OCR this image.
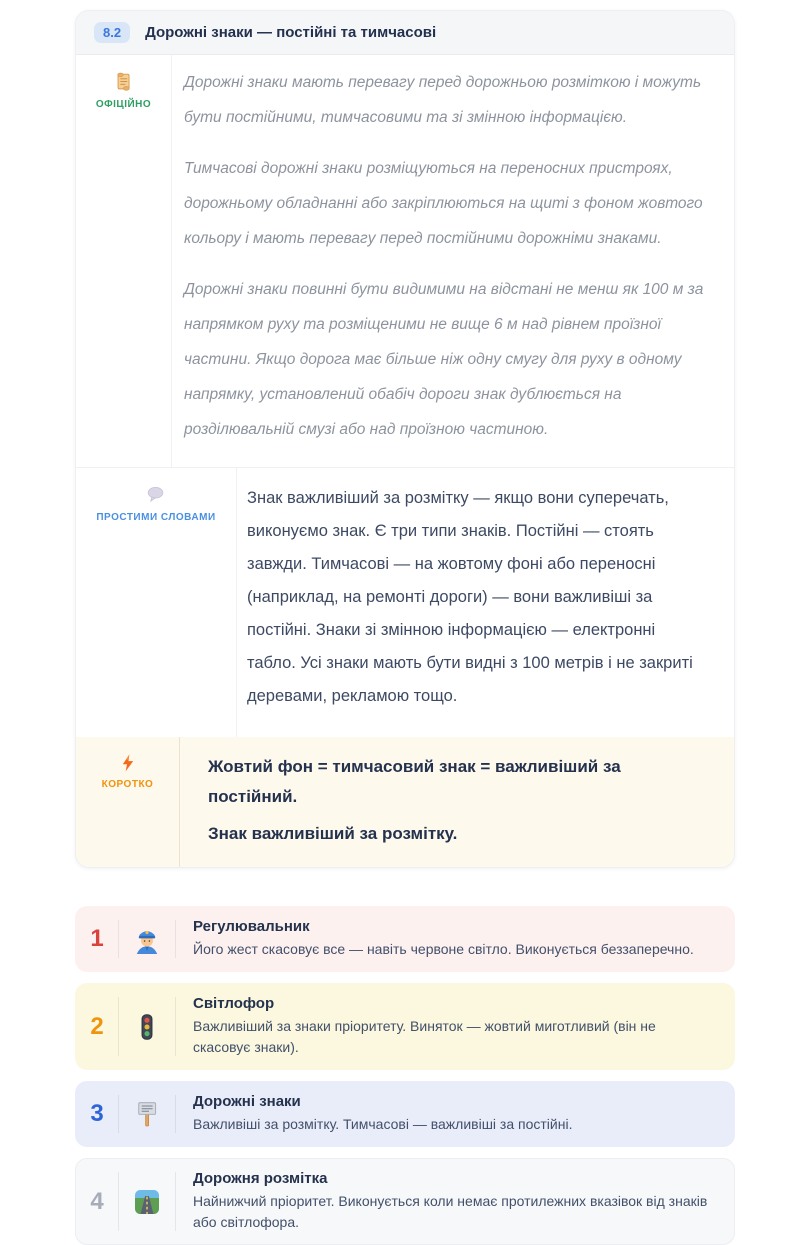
8.2	Дорожні знаки — постійні та тимчасові
ОФІЦІЙНО

Дорожні знаки мають перевагу перед дорожньою розміткою і можуть бути постійними, тимчасовими та зі змінною інформацією.

Тимчасові дорожні знаки розміщуються на переносних пристроях, дорожньому обладнанні або закріплюються на щиті з фоном жовтого кольору і мають перевагу перед постійними дорожніми знаками.

Дорожні знаки повинні бути видимими на відстані не менш як 100 м за напрямком руху та розміщеними не вище 6 м над рівнем проїзної частини. Якщо дорога має більше ніж одну смугу для руху в одному напрямку, установлений обабіч дороги знак дублюється на розділювальній смузі або над проїзною частиною.

ПРОСТИМИ СЛОВАМИ
Знак важливіший за розмітку — якщо вони суперечать, виконуємо знак. Є три типи знаків. Постійні — стоять завжди. Тимчасові — на жовтому фоні або переносні (наприклад, на ремонті дороги) — вони важливіші за постійні. Знаки зі змінною інформацією — електронні табло. Усі знаки мають бути видні з 100 метрів і не закриті деревами, рекламою тощо.
КОРОТКО

Жовтий фон = тимчасовий знак = важливіший за постійний.

Знак важливіший за розмітку.

1	Регулювальник
Його жест скасовує все — навіть червоне світло. Виконується беззаперечно.
2
Світлофор
Важливіший за знаки пріоритету. Виняток — жовтий миготливий (він не скасовує знаки).
3	Дорожні знаки
Важливіші за розмітку. Тимчасові — важливіші за постійні.
4
Дорожня розмітка
Найнижчий пріоритет. Виконується коли немає протилежних вказівок від знаків або світлофора.
